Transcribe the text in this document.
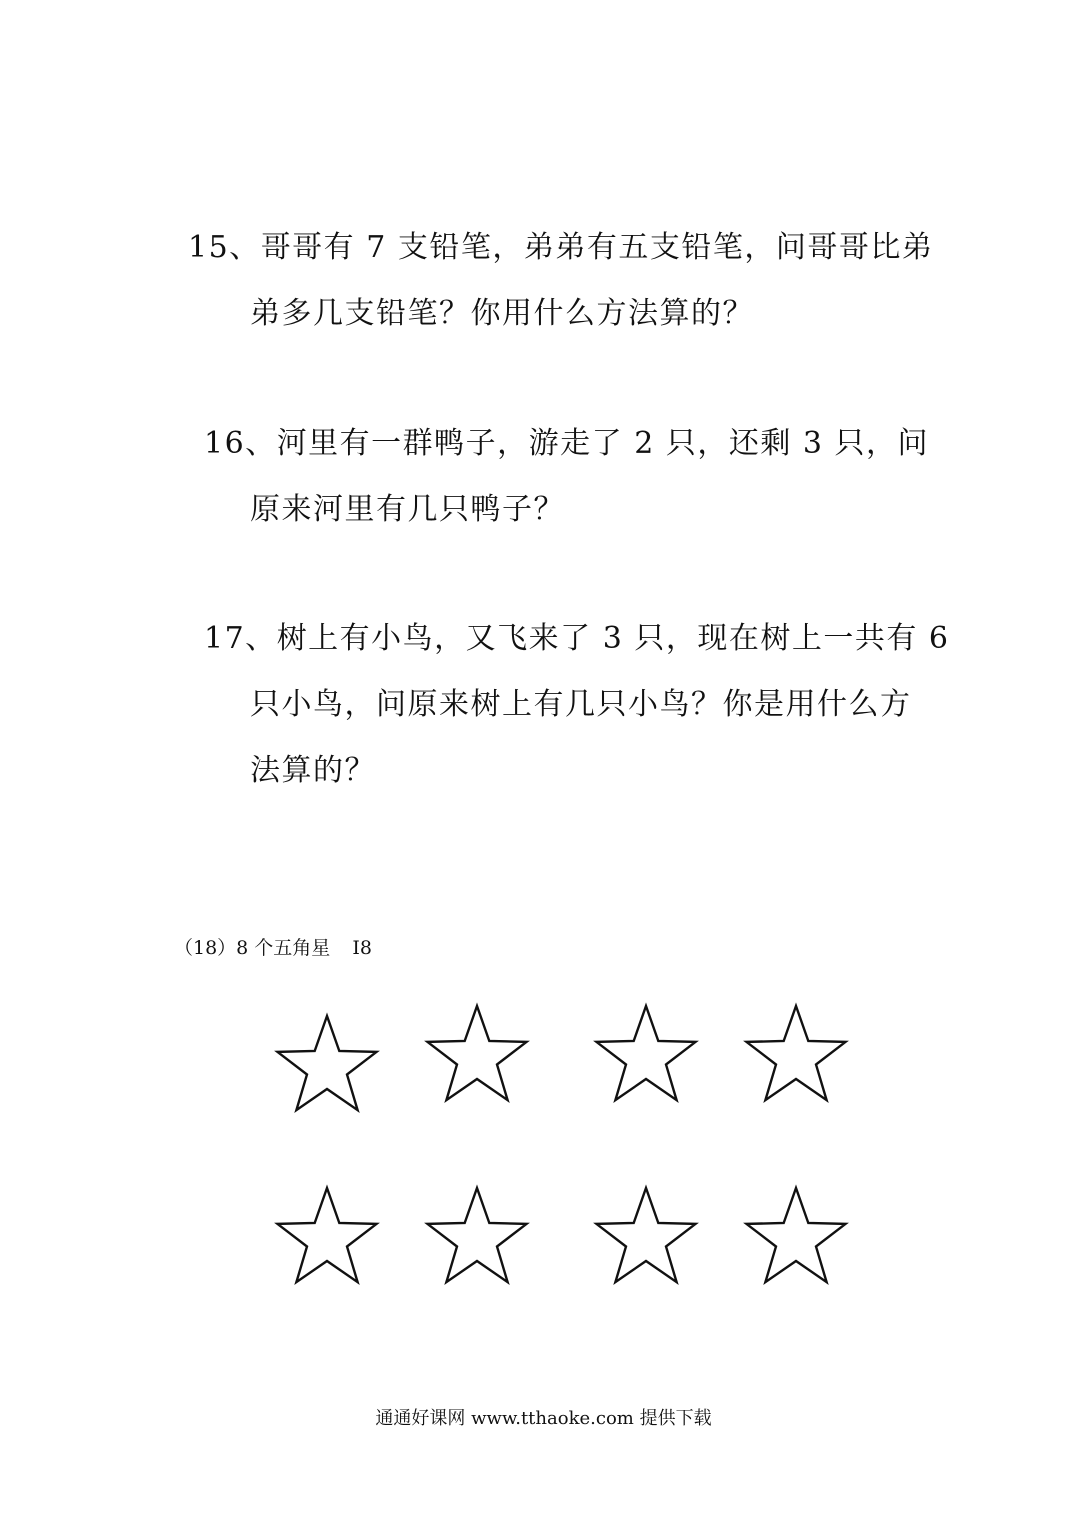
15、哥哥有 7 支铅笔，弟弟有五支铅笔，问哥哥比弟
弟多几支铅笔？你用什么方法算的？
16、河里有一群鸭子，游走了 2 只，还剩 3 只，问
原来河里有几只鸭子？
17、树上有小鸟，又飞来了 3 只，现在树上一共有 6
只小鸟，问原来树上有几只小鸟？你是用什么方
法算的？
（18）8 个五角星 I8
通通好课网 www.tthaoke.com 提供下载
